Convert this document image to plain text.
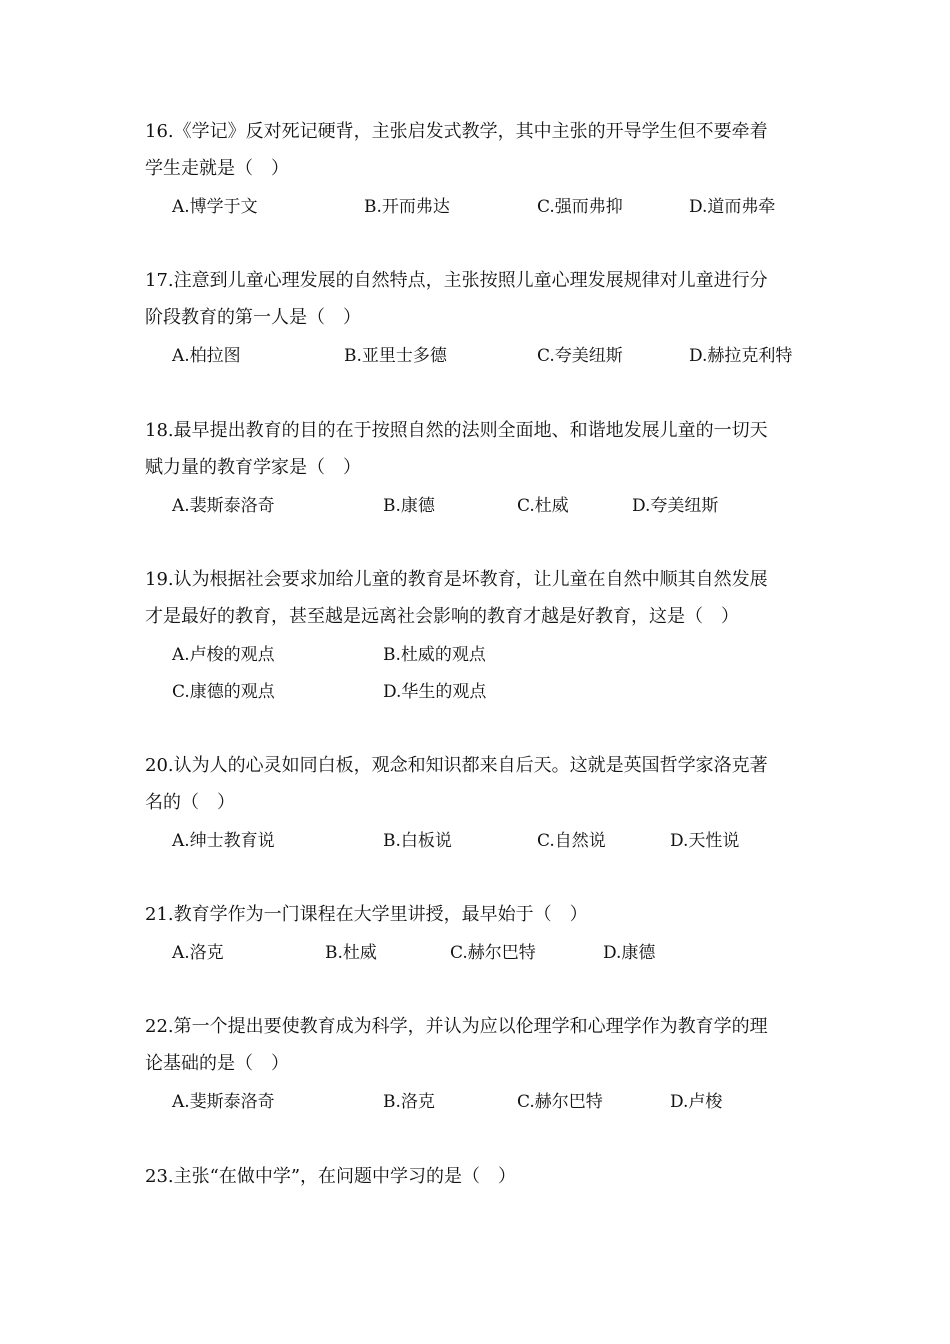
16.《学记》反对死记硬背，主张启发式教学，其中主张的开导学生但不要牵着
学生走就是（　）
A.博学于文	B.开而弗达	C.强而弗抑	D.道而弗牵
17.注意到儿童心理发展的自然特点，主张按照儿童心理发展规律对儿童进行分
阶段教育的第一人是（　）
A.柏拉图	B.亚里士多德	C.夸美纽斯	D.赫拉克利特
18.最早提出教育的目的在于按照自然的法则全面地、和谐地发展儿童的一切天
赋力量的教育学家是（　）
A.裴斯泰洛奇	B.康德	C.杜威	D.夸美纽斯
19.认为根据社会要求加给儿童的教育是坏教育，让儿童在自然中顺其自然发展
才是最好的教育，甚至越是远离社会影响的教育才越是好教育，这是（　）
A.卢梭的观点	B.杜威的观点
C.康德的观点	D.华生的观点
20.认为人的心灵如同白板，观念和知识都来自后天。这就是英国哲学家洛克著
名的（　）
A.绅士教育说	B.白板说	C.自然说	D.天性说
21.教育学作为一门课程在大学里讲授，最早始于（　）
A.洛克	B.杜威	C.赫尔巴特	D.康德
22.第一个提出要使教育成为科学，并认为应以伦理学和心理学作为教育学的理
论基础的是（　）
A.斐斯泰洛奇	B.洛克	C.赫尔巴特	D.卢梭
23.主张“在做中学”，在问题中学习的是（　）
